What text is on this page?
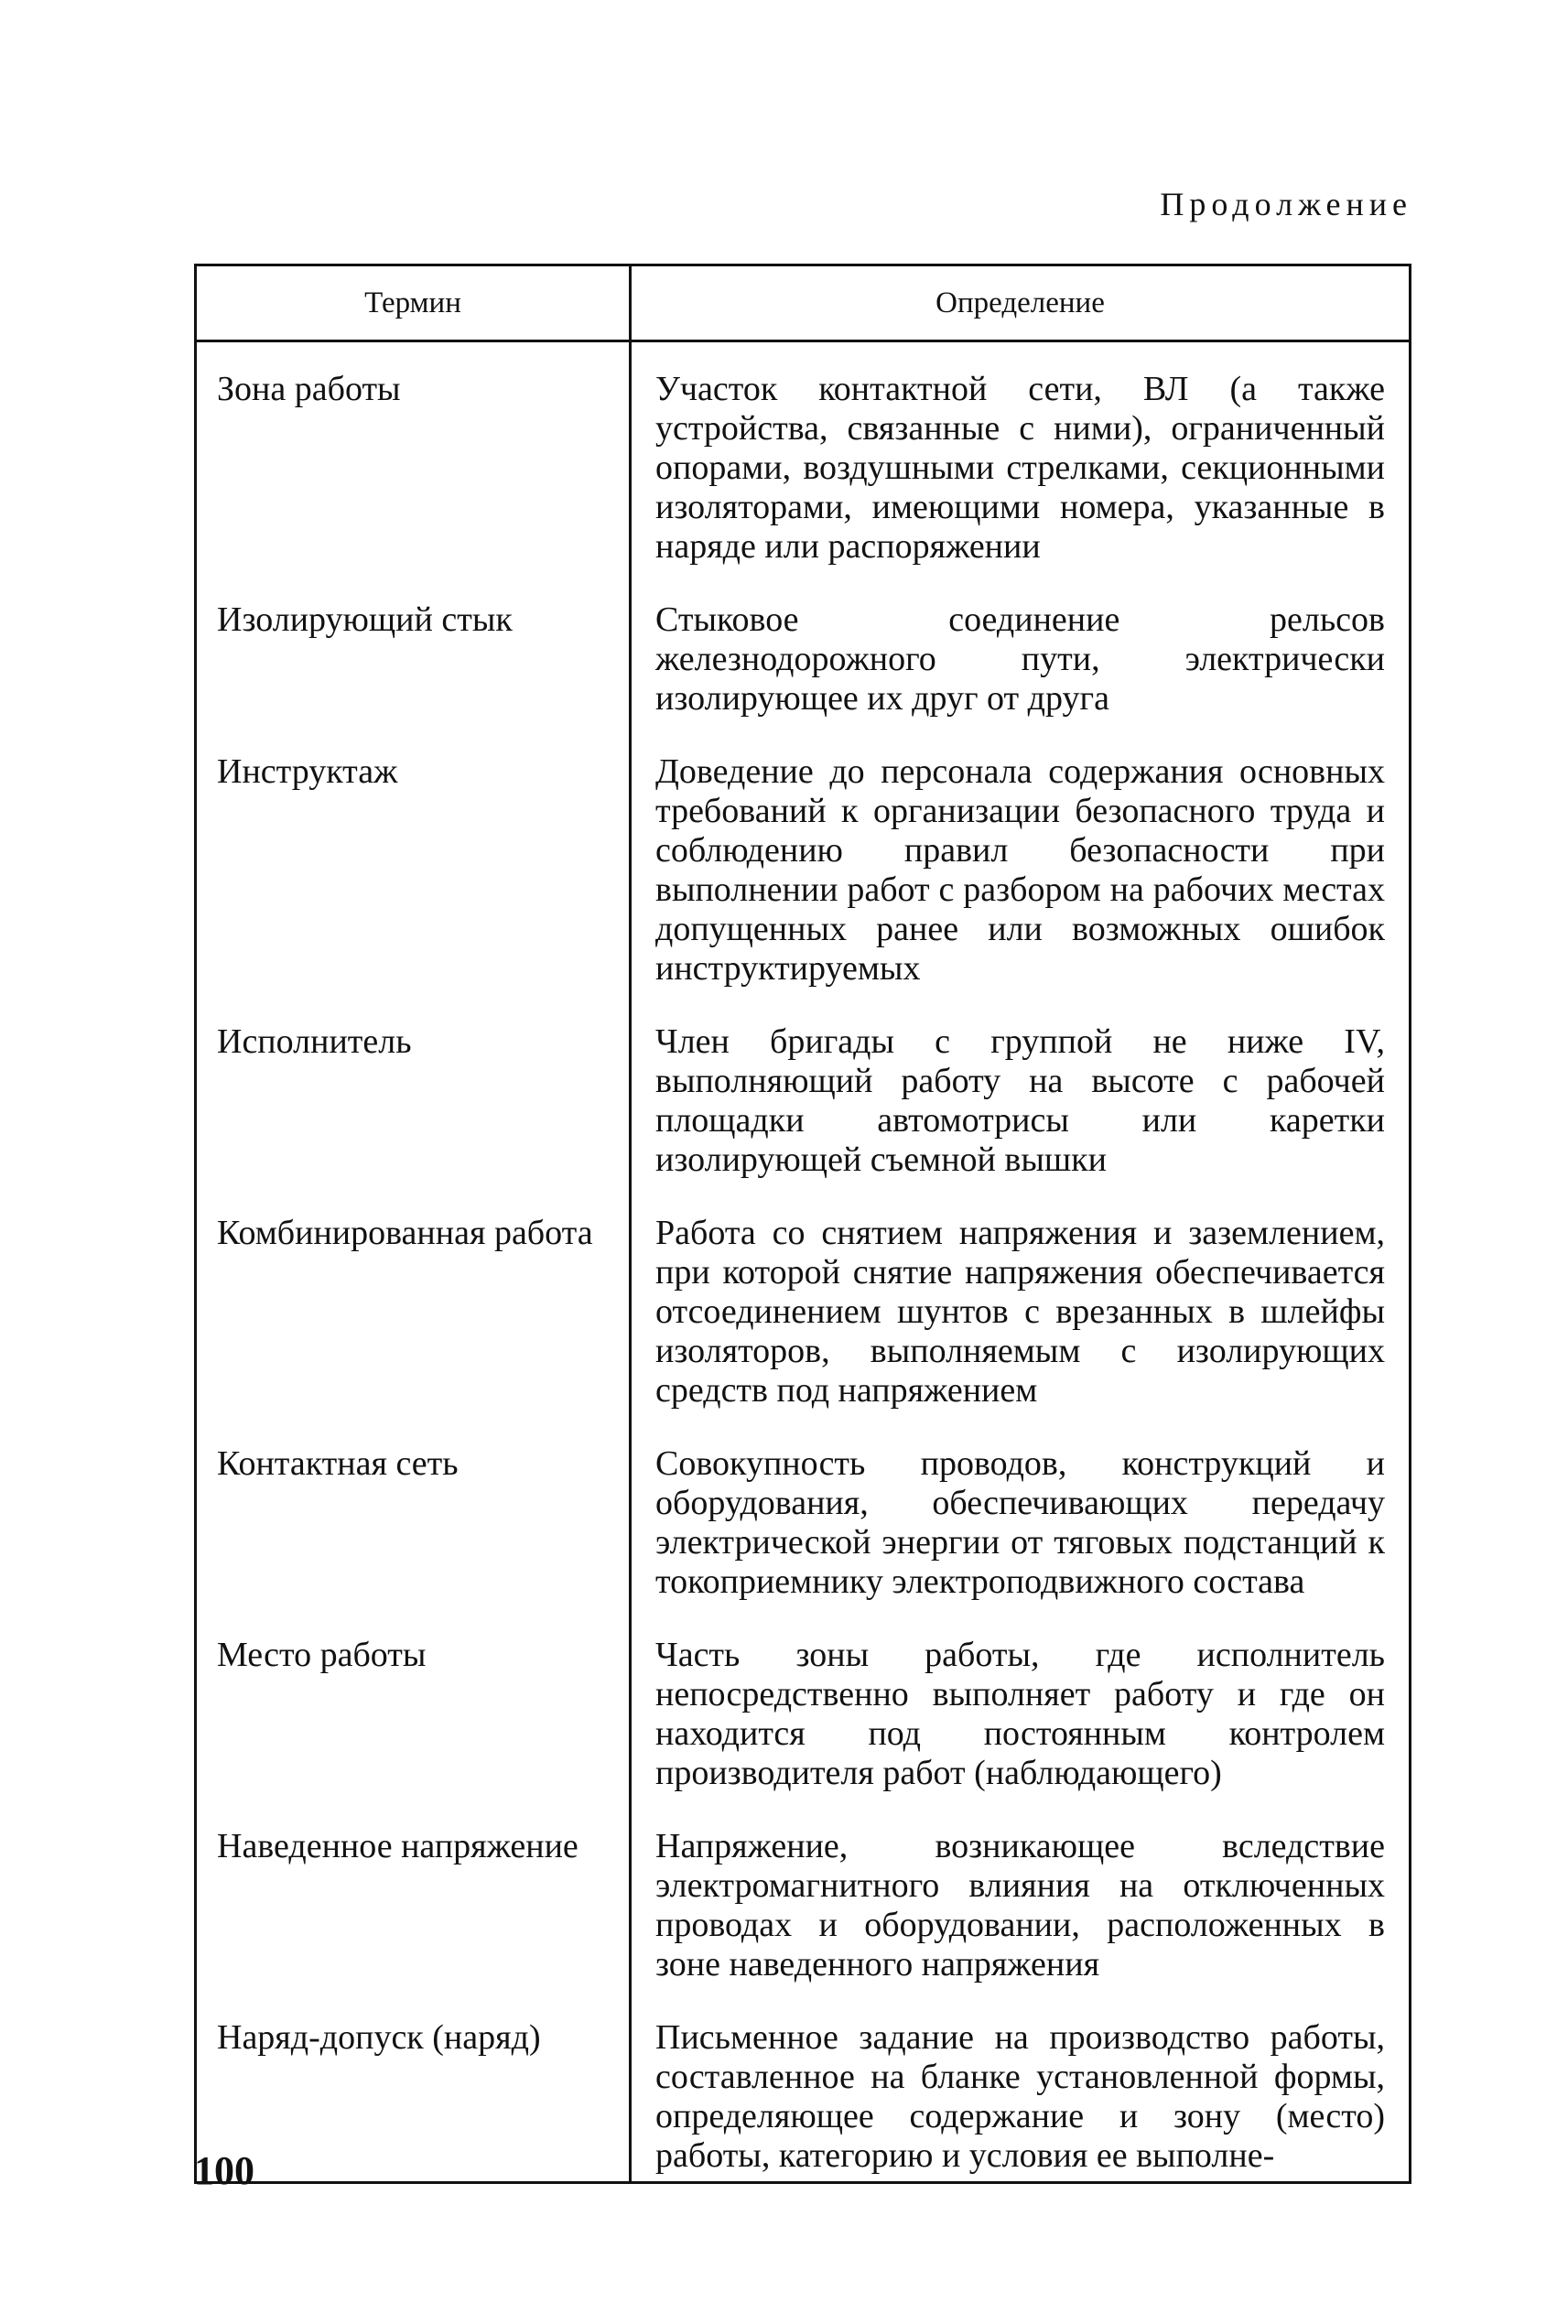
Продолжение
Термин	Определение
Зона работы	Участок контактной сети, ВЛ (а также устройства, связанные с ними), ограниченный опорами, воздушными стрелками, секционными изоляторами, имеющими номера, указанные в наряде или распоряжении
Изолирующий стык	Стыковое соединение рельсов железнодорожного пути, электрически изолирующее их друг от друга
Инструктаж	Доведение до персонала содержания основных требований к организации безопасного труда и соблюдению правил безопасности при выполнении работ с разбором на рабочих местах допущенных ранее или возможных ошибок инструктируемых
Исполнитель	Член бригады с группой не ниже IV, выполняющий работу на высоте с рабочей площадки автомотрисы или каретки изолирующей съемной вышки
Комбинированная работа	Работа со снятием напряжения и заземлением, при которой снятие напряжения обеспечивается отсоединением шунтов с врезанных в шлейфы изоляторов, выполняемым с изолирующих средств под напряжением
Контактная сеть	Совокупность проводов, конструкций и оборудования, обеспечивающих передачу электрической энергии от тяговых подстанций к токоприемнику электроподвижного состава
Место работы	Часть зоны работы, где исполнитель непосредственно выполняет работу и где он находится под постоянным контролем производителя работ (наблюдающего)
Наведенное напряжение	Напряжение, возникающее вследствие электромагнитного влияния на отключенных проводах и оборудовании, расположенных в зоне наведенного напряжения
Наряд-допуск (наряд)	Письменное задание на производство работы, составленное на бланке установленной формы, определяющее содержание и зону (место) работы, категорию и условия ее выполне-
100
